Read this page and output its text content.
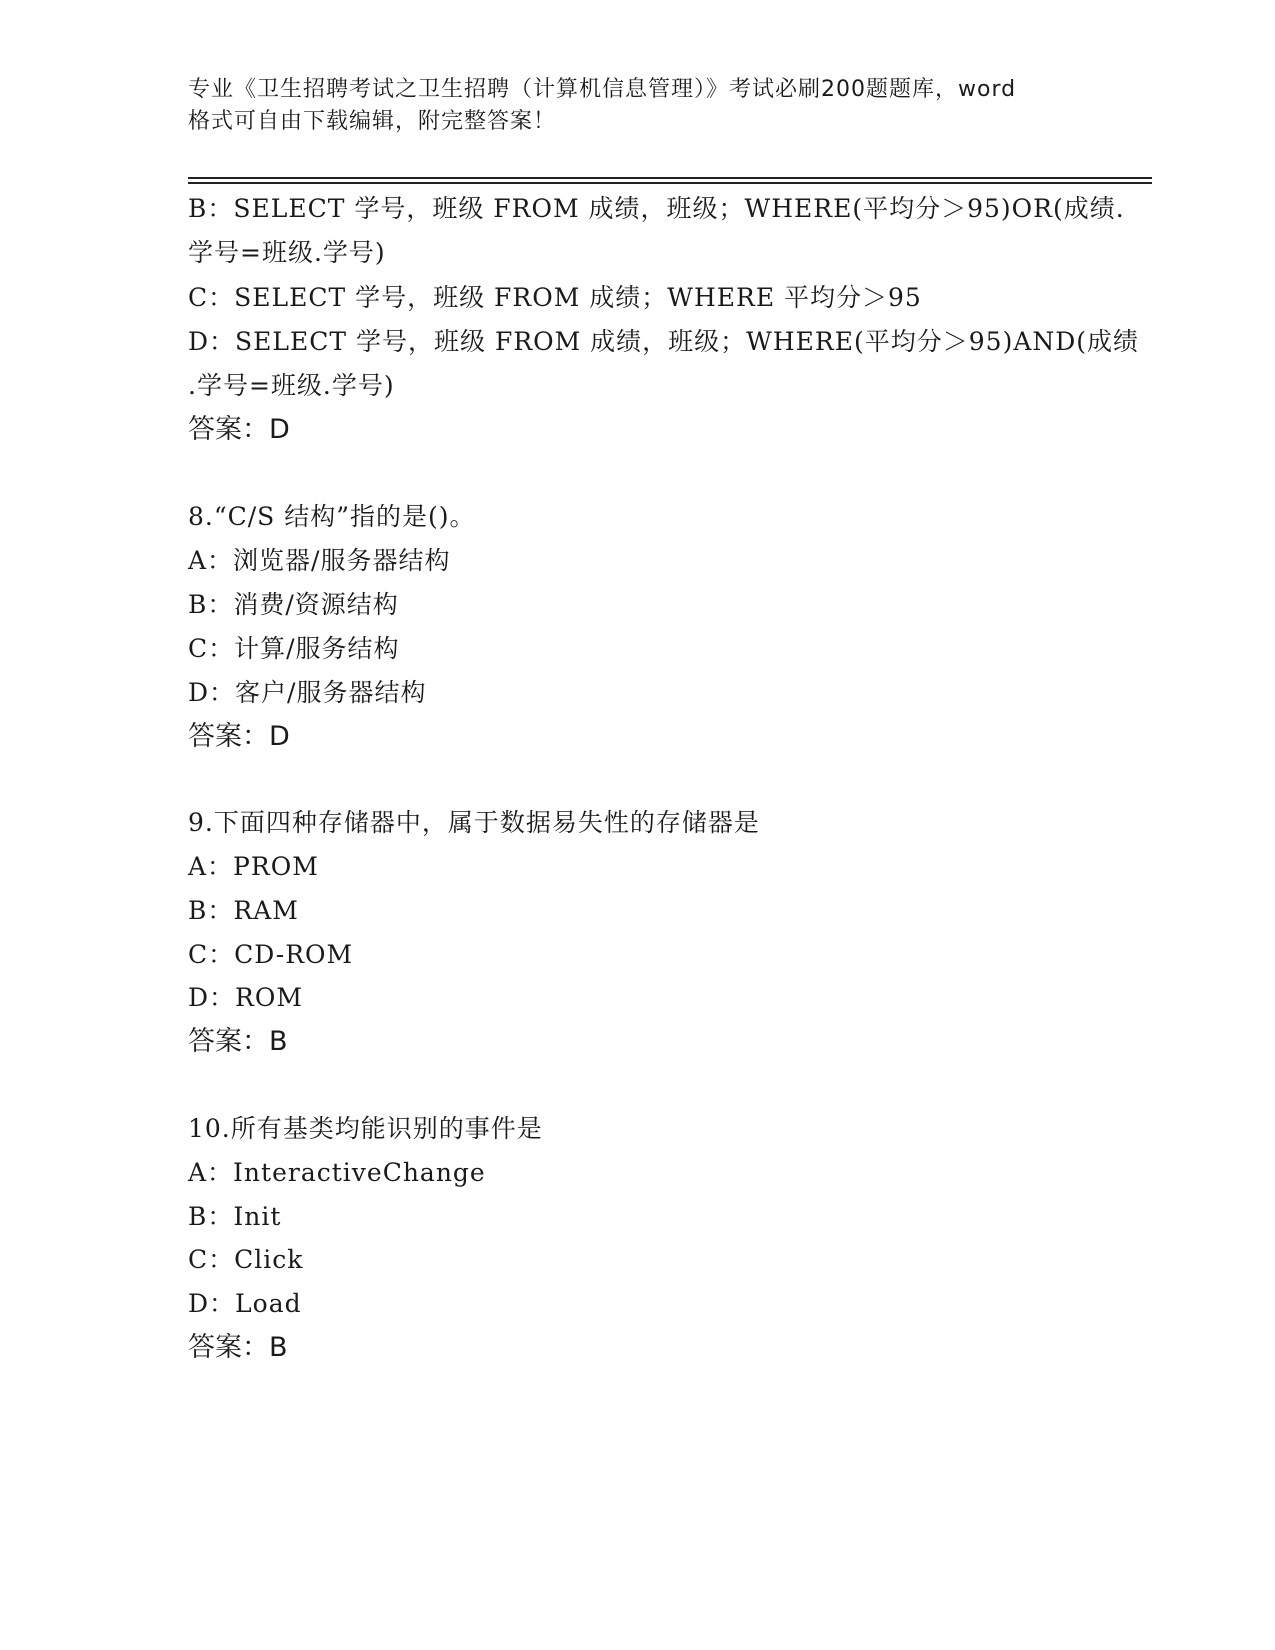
专业《卫生招聘考试之卫生招聘（计算机信息管理）》考试必刷200题题库，word

格式可自由下载编辑，附完整答案！

B：SELECT 学号，班级 FROM 成绩，班级；WHERE(平均分＞95)OR(成绩.
学号=班级.学号)
C：SELECT 学号，班级 FROM 成绩；WHERE 平均分＞95
D：SELECT 学号，班级 FROM 成绩，班级；WHERE(平均分＞95)AND(成绩
.学号=班级.学号)
答案：D
8.“C/S 结构”指的是()。
A：浏览器/服务器结构
B：消费/资源结构
C：计算/服务结构
D：客户/服务器结构
答案：D
9.下面四种存储器中，属于数据易失性的存储器是
A：PROM
B：RAM
C：CD-ROM
D：ROM
答案：B
10.所有基类均能识别的事件是
A：InteractiveChange
B：Init
C：Click
D：Load
答案：B
